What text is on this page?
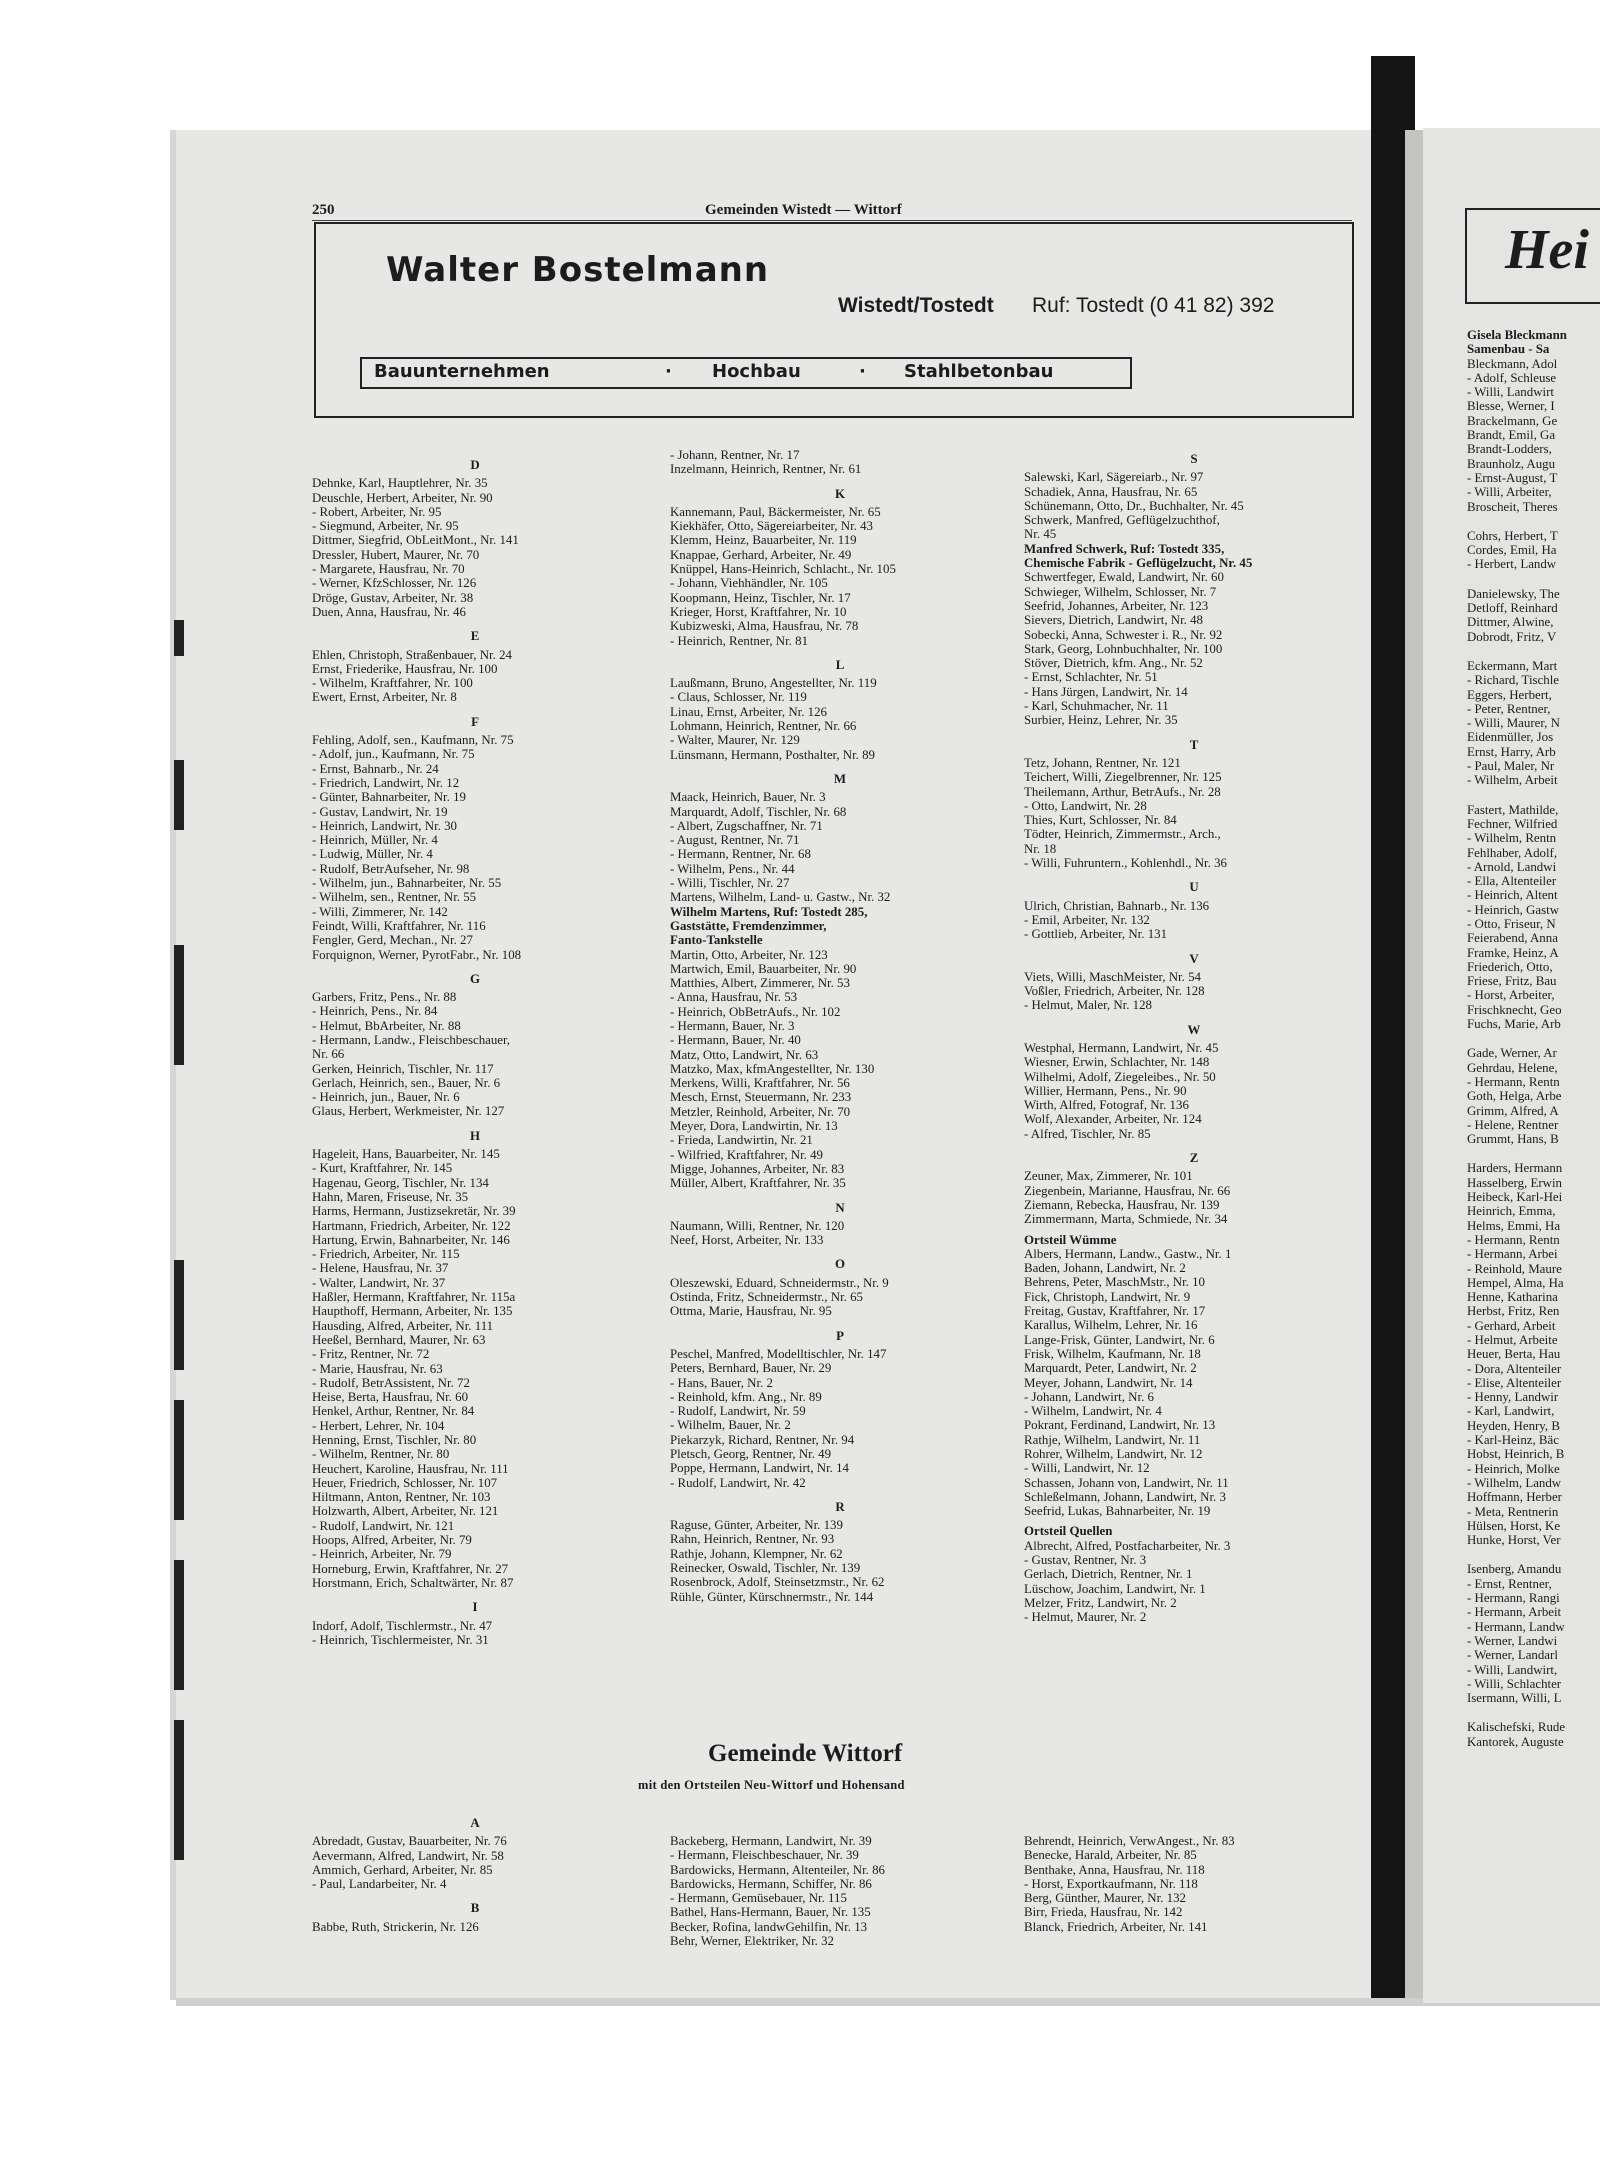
250	Gemeinden Wistedt — Wittorf
Walter Bostelmann
Wistedt/Tostedt Ruf: Tostedt (0 41 82) 392
Bauunternehmen	· Hochbau	· Stahlbetonbau
D
Dehnke, Karl, Hauptlehrer, Nr. 35
Deuschle, Herbert, Arbeiter, Nr. 90
- Robert, Arbeiter, Nr. 95
- Siegmund, Arbeiter, Nr. 95
Dittmer, Siegfrid, ObLeitMont., Nr. 141
Dressler, Hubert, Maurer, Nr. 70
- Margarete, Hausfrau, Nr. 70
- Werner, KfzSchlosser, Nr. 126
Dröge, Gustav, Arbeiter, Nr. 38
Duen, Anna, Hausfrau, Nr. 46
E
Ehlen, Christoph, Straßenbauer, Nr. 24
Ernst, Friederike, Hausfrau, Nr. 100
- Wilhelm, Kraftfahrer, Nr. 100
Ewert, Ernst, Arbeiter, Nr. 8
F
Fehling, Adolf, sen., Kaufmann, Nr. 75
- Adolf, jun., Kaufmann, Nr. 75
- Ernst, Bahnarb., Nr. 24
- Friedrich, Landwirt, Nr. 12
- Günter, Bahnarbeiter, Nr. 19
- Gustav, Landwirt, Nr. 19
- Heinrich, Landwirt, Nr. 30
- Heinrich, Müller, Nr. 4
- Ludwig, Müller, Nr. 4
- Rudolf, BetrAufseher, Nr. 98
- Wilhelm, jun., Bahnarbeiter, Nr. 55
- Wilhelm, sen., Rentner, Nr. 55
- Willi, Zimmerer, Nr. 142
Feindt, Willi, Kraftfahrer, Nr. 116
Fengler, Gerd, Mechan., Nr. 27
Forquignon, Werner, PyrotFabr., Nr. 108
G
Garbers, Fritz, Pens., Nr. 88
- Heinrich, Pens., Nr. 84
- Helmut, BbArbeiter, Nr. 88
- Hermann, Landw., Fleischbeschauer,
Nr. 66
Gerken, Heinrich, Tischler, Nr. 117
Gerlach, Heinrich, sen., Bauer, Nr. 6
- Heinrich, jun., Bauer, Nr. 6
Glaus, Herbert, Werkmeister, Nr. 127
H
Hageleit, Hans, Bauarbeiter, Nr. 145
- Kurt, Kraftfahrer, Nr. 145
Hagenau, Georg, Tischler, Nr. 134
Hahn, Maren, Friseuse, Nr. 35
Harms, Hermann, Justizsekretär, Nr. 39
Hartmann, Friedrich, Arbeiter, Nr. 122
Hartung, Erwin, Bahnarbeiter, Nr. 146
- Friedrich, Arbeiter, Nr. 115
- Helene, Hausfrau, Nr. 37
- Walter, Landwirt, Nr. 37
Haßler, Hermann, Kraftfahrer, Nr. 115a
Haupthoff, Hermann, Arbeiter, Nr. 135
Hausding, Alfred, Arbeiter, Nr. 111
Heeßel, Bernhard, Maurer, Nr. 63
- Fritz, Rentner, Nr. 72
- Marie, Hausfrau, Nr. 63
- Rudolf, BetrAssistent, Nr. 72
Heise, Berta, Hausfrau, Nr. 60
Henkel, Arthur, Rentner, Nr. 84
- Herbert, Lehrer, Nr. 104
Henning, Ernst, Tischler, Nr. 80
- Wilhelm, Rentner, Nr. 80
Heuchert, Karoline, Hausfrau, Nr. 111
Heuer, Friedrich, Schlosser, Nr. 107
Hiltmann, Anton, Rentner, Nr. 103
Holzwarth, Albert, Arbeiter, Nr. 121
- Rudolf, Landwirt, Nr. 121
Hoops, Alfred, Arbeiter, Nr. 79
- Heinrich, Arbeiter, Nr. 79
Horneburg, Erwin, Kraftfahrer, Nr. 27
Horstmann, Erich, Schaltwärter, Nr. 87
I
Indorf, Adolf, Tischlermstr., Nr. 47
- Heinrich, Tischlermeister, Nr. 31
- Johann, Rentner, Nr. 17
Inzelmann, Heinrich, Rentner, Nr. 61
K
Kannemann, Paul, Bäckermeister, Nr. 65
Kiekhäfer, Otto, Sägereiarbeiter, Nr. 43
Klemm, Heinz, Bauarbeiter, Nr. 119
Knappae, Gerhard, Arbeiter, Nr. 49
Knüppel, Hans-Heinrich, Schlacht., Nr. 105
- Johann, Viehhändler, Nr. 105
Koopmann, Heinz, Tischler, Nr. 17
Krieger, Horst, Kraftfahrer, Nr. 10
Kubizweski, Alma, Hausfrau, Nr. 78
- Heinrich, Rentner, Nr. 81
L
Laußmann, Bruno, Angestellter, Nr. 119
- Claus, Schlosser, Nr. 119
Linau, Ernst, Arbeiter, Nr. 126
Lohmann, Heinrich, Rentner, Nr. 66
- Walter, Maurer, Nr. 129
Lünsmann, Hermann, Posthalter, Nr. 89
M
Maack, Heinrich, Bauer, Nr. 3
Marquardt, Adolf, Tischler, Nr. 68
- Albert, Zugschaffner, Nr. 71
- August, Rentner, Nr. 71
- Hermann, Rentner, Nr. 68
- Wilhelm, Pens., Nr. 44
- Willi, Tischler, Nr. 27
Martens, Wilhelm, Land- u. Gastw., Nr. 32
Wilhelm Martens, Ruf: Tostedt 285,
Gaststätte, Fremdenzimmer,
Fanto-Tankstelle
Martin, Otto, Arbeiter, Nr. 123
Martwich, Emil, Bauarbeiter, Nr. 90
Matthies, Albert, Zimmerer, Nr. 53
- Anna, Hausfrau, Nr. 53
- Heinrich, ObBetrAufs., Nr. 102
- Hermann, Bauer, Nr. 3
- Hermann, Bauer, Nr. 40
Matz, Otto, Landwirt, Nr. 63
Matzko, Max, kfmAngestellter, Nr. 130
Merkens, Willi, Kraftfahrer, Nr. 56
Mesch, Ernst, Steuermann, Nr. 233
Metzler, Reinhold, Arbeiter, Nr. 70
Meyer, Dora, Landwirtin, Nr. 13
- Frieda, Landwirtin, Nr. 21
- Wilfried, Kraftfahrer, Nr. 49
Migge, Johannes, Arbeiter, Nr. 83
Müller, Albert, Kraftfahrer, Nr. 35
N
Naumann, Willi, Rentner, Nr. 120
Neef, Horst, Arbeiter, Nr. 133
O
Oleszewski, Eduard, Schneidermstr., Nr. 9
Ostinda, Fritz, Schneidermstr., Nr. 65
Ottma, Marie, Hausfrau, Nr. 95
P
Peschel, Manfred, Modelltischler, Nr. 147
Peters, Bernhard, Bauer, Nr. 29
- Hans, Bauer, Nr. 2
- Reinhold, kfm. Ang., Nr. 89
- Rudolf, Landwirt, Nr. 59
- Wilhelm, Bauer, Nr. 2
Piekarzyk, Richard, Rentner, Nr. 94
Pletsch, Georg, Rentner, Nr. 49
Poppe, Hermann, Landwirt, Nr. 14
- Rudolf, Landwirt, Nr. 42
R
Raguse, Günter, Arbeiter, Nr. 139
Rahn, Heinrich, Rentner, Nr. 93
Rathje, Johann, Klempner, Nr. 62
Reinecker, Oswald, Tischler, Nr. 139
Rosenbrock, Adolf, Steinsetzmstr., Nr. 62
Rühle, Günter, Kürschnermstr., Nr. 144
S
Salewski, Karl, Sägereiarb., Nr. 97
Schadiek, Anna, Hausfrau, Nr. 65
Schünemann, Otto, Dr., Buchhalter, Nr. 45
Schwerk, Manfred, Geflügelzuchthof,
Nr. 45
Manfred Schwerk, Ruf: Tostedt 335,
Chemische Fabrik - Geflügelzucht, Nr. 45
Schwertfeger, Ewald, Landwirt, Nr. 60
Schwieger, Wilhelm, Schlosser, Nr. 7
Seefrid, Johannes, Arbeiter, Nr. 123
Sievers, Dietrich, Landwirt, Nr. 48
Sobecki, Anna, Schwester i. R., Nr. 92
Stark, Georg, Lohnbuchhalter, Nr. 100
Stöver, Dietrich, kfm. Ang., Nr. 52
- Ernst, Schlachter, Nr. 51
- Hans Jürgen, Landwirt, Nr. 14
- Karl, Schuhmacher, Nr. 11
Surbier, Heinz, Lehrer, Nr. 35
T
Tetz, Johann, Rentner, Nr. 121
Teichert, Willi, Ziegelbrenner, Nr. 125
Theilemann, Arthur, BetrAufs., Nr. 28
- Otto, Landwirt, Nr. 28
Thies, Kurt, Schlosser, Nr. 84
Tödter, Heinrich, Zimmermstr., Arch.,
Nr. 18
- Willi, Fuhruntern., Kohlenhdl., Nr. 36
U
Ulrich, Christian, Bahnarb., Nr. 136
- Emil, Arbeiter, Nr. 132
- Gottlieb, Arbeiter, Nr. 131
V
Viets, Willi, MaschMeister, Nr. 54
Voßler, Friedrich, Arbeiter, Nr. 128
- Helmut, Maler, Nr. 128
W
Westphal, Hermann, Landwirt, Nr. 45
Wiesner, Erwin, Schlachter, Nr. 148
Wilhelmi, Adolf, Ziegeleibes., Nr. 50
Willier, Hermann, Pens., Nr. 90
Wirth, Alfred, Fotograf, Nr. 136
Wolf, Alexander, Arbeiter, Nr. 124
- Alfred, Tischler, Nr. 85
Z
Zeuner, Max, Zimmerer, Nr. 101
Ziegenbein, Marianne, Hausfrau, Nr. 66
Ziemann, Rebecka, Hausfrau, Nr. 139
Zimmermann, Marta, Schmiede, Nr. 34
Ortsteil Wümme
Albers, Hermann, Landw., Gastw., Nr. 1
Baden, Johann, Landwirt, Nr. 2
Behrens, Peter, MaschMstr., Nr. 10
Fick, Christoph, Landwirt, Nr. 9
Freitag, Gustav, Kraftfahrer, Nr. 17
Karallus, Wilhelm, Lehrer, Nr. 16
Lange-Frisk, Günter, Landwirt, Nr. 6
Frisk, Wilhelm, Kaufmann, Nr. 18
Marquardt, Peter, Landwirt, Nr. 2
Meyer, Johann, Landwirt, Nr. 14
- Johann, Landwirt, Nr. 6
- Wilhelm, Landwirt, Nr. 4
Pokrant, Ferdinand, Landwirt, Nr. 13
Rathje, Wilhelm, Landwirt, Nr. 11
Rohrer, Wilhelm, Landwirt, Nr. 12
- Willi, Landwirt, Nr. 12
Schassen, Johann von, Landwirt, Nr. 11
Schleßelmann, Johann, Landwirt, Nr. 3
Seefrid, Lukas, Bahnarbeiter, Nr. 19
Ortsteil Quellen
Albrecht, Alfred, Postfacharbeiter, Nr. 3
- Gustav, Rentner, Nr. 3
Gerlach, Dietrich, Rentner, Nr. 1
Lüschow, Joachim, Landwirt, Nr. 1
Melzer, Fritz, Landwirt, Nr. 2
- Helmut, Maurer, Nr. 2
Gemeinde Wittorf
mit den Ortsteilen Neu-Wittorf und Hohensand
A
Abredadt, Gustav, Bauarbeiter, Nr. 76
Aevermann, Alfred, Landwirt, Nr. 58
Ammich, Gerhard, Arbeiter, Nr. 85
- Paul, Landarbeiter, Nr. 4
B
Babbe, Ruth, Strickerin, Nr. 126
Backeberg, Hermann, Landwirt, Nr. 39
- Hermann, Fleischbeschauer, Nr. 39
Bardowicks, Hermann, Altenteiler, Nr. 86
Bardowicks, Hermann, Schiffer, Nr. 86
- Hermann, Gemüsebauer, Nr. 115
Bathel, Hans-Hermann, Bauer, Nr. 135
Becker, Rofina, landwGehilfin, Nr. 13
Behr, Werner, Elektriker, Nr. 32
Behrendt, Heinrich, VerwAngest., Nr. 83
Benecke, Harald, Arbeiter, Nr. 85
Benthake, Anna, Hausfrau, Nr. 118
- Horst, Exportkaufmann, Nr. 118
Berg, Günther, Maurer, Nr. 132
Birr, Frieda, Hausfrau, Nr. 142
Blanck, Friedrich, Arbeiter, Nr. 141
Hei
Gisela Bleckmann
Samenbau - Sa
Bleckmann, Adol
- Adolf, Schleuse
- Willi, Landwirt
Blesse, Werner, I
Brackelmann, Ge
Brandt, Emil, Ga
Brandt-Lodders,
Braunholz, Augu
- Ernst-August, T
- Willi, Arbeiter,
Broscheit, Theres
Cohrs, Herbert, T
Cordes, Emil, Ha
- Herbert, Landw
Danielewsky, The
Detloff, Reinhard
Dittmer, Alwine,
Dobrodt, Fritz, V
Eckermann, Mart
- Richard, Tischle
Eggers, Herbert,
- Peter, Rentner,
- Willi, Maurer, N
Eidenmüller, Jos
Ernst, Harry, Arb
- Paul, Maler, Nr
- Wilhelm, Arbeit
Fastert, Mathilde,
Fechner, Wilfried
- Wilhelm, Rentn
Fehlhaber, Adolf,
- Arnold, Landwi
- Ella, Altenteiler
- Heinrich, Altent
- Heinrich, Gastw
- Otto, Friseur, N
Feierabend, Anna
Framke, Heinz, A
Friederich, Otto,
Friese, Fritz, Bau
- Horst, Arbeiter,
Frischknecht, Geo
Fuchs, Marie, Arb
Gade, Werner, Ar
Gehrdau, Helene,
- Hermann, Rentn
Goth, Helga, Arbe
Grimm, Alfred, A
- Helene, Rentner
Grummt, Hans, B
Harders, Hermann
Hasselberg, Erwin
Heibeck, Karl-Hei
Heinrich, Emma,
Helms, Emmi, Ha
- Hermann, Rentn
- Hermann, Arbei
- Reinhold, Maure
Hempel, Alma, Ha
Henne, Katharina
Herbst, Fritz, Ren
- Gerhard, Arbeit
- Helmut, Arbeite
Heuer, Berta, Hau
- Dora, Altenteiler
- Elise, Altenteiler
- Henny, Landwir
- Karl, Landwirt,
Heyden, Henry, B
- Karl-Heinz, Bäc
Hobst, Heinrich, B
- Heinrich, Molke
- Wilhelm, Landw
Hoffmann, Herber
- Meta, Rentnerin
Hülsen, Horst, Ke
Hunke, Horst, Ver
Isenberg, Amandu
- Ernst, Rentner,
- Hermann, Rangi
- Hermann, Arbeit
- Hermann, Landw
- Werner, Landwi
- Werner, Landarl
- Willi, Landwirt,
- Willi, Schlachter
Isermann, Willi, L
Kalischefski, Rude
Kantorek, Auguste
